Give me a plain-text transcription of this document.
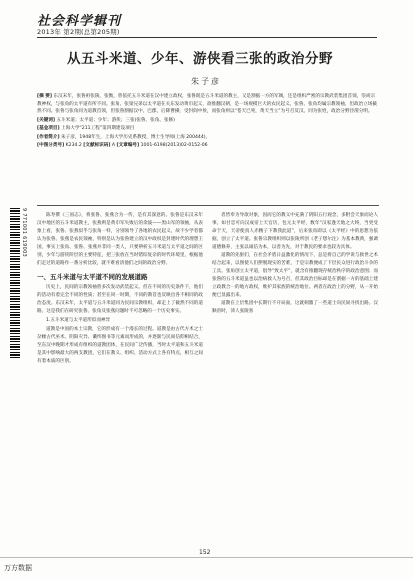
社会科学辑刊
2013年 第2期(总第205期)
从五斗米道、少年、游侠看三张的政治分野
朱子彦

[摘 要] 东汉末年，张鲁祖张陵、张衡，曾依托五斗米道在汉中建立政权，张鲁既是五斗米道的教主，又是割据一方的军阀，还是组织严密的宗教武装集团首领，崇尚宗教神权，与张角的太平道有所不同。张角、张梁兄弟以太平道在关东发动黄巾起义，欲推翻汉朝，是一场规模巨大的农民起义。张鲁、张角均属宗教领袖，但政治立场截然不同。张鲁与张角同为道教首领，但张鲁割据汉中、巴郡，后降曹操，受封阆中侯，而张角则以“苍天已死，黄天当立”为号召反汉。同为张姓，政治分野泾渭分明。

[关键词] 五斗米道；太平道；少年；游侠；三张(张鲁、张角、张修)

[基金项目] 上海大学“211工程”第四期建设项目

[作者简介] 朱子彦，1948年生，上海大学历史系教授，博士生导师(上海 200444)。

[中图分类号] K234.2 [文献标识码] A [文章编号] 1001-6198(2013)02-0152-06

9 771001 619003	陈寿撰《三国志》，将张鲁、张燕合为一传，是有其深意的。张鲁是东汉末年汉中地区的五斗米道教主，张燕则是黄巾军失败后的余波——黑山军的领袖，从表象上看，张鲁、张燕似乎与张角一样，分别领导了各地的农民起义，故不少学者都认为张鲁、张燕是农民领袖，特别是认为张鲁建立的汉中政权是封建时代的理想王国，事实上张角、张鲁、张燕并非同一类人，只要辨析五斗米道与太平道之间的区别，少年与游侠阶层的主要特征，把三张放在当时错综复杂的时代环境里，根据他们走过的道路作一番分析比较，就不难看清他们之间的政治分野。

一、五斗米道与太平道不同的发展道路

历史上，民间的宗教领袖曾多次发动武装起义。但在不同的历史条件下，他们的活动有着完全不同的性质；甚至在同一时期，不同的教首也反映出各不相同的政治态度。东汉末年，太平道与五斗米道同为民间宗教组织，却走上了截然不同的道路。这是我们在研究张鲁、张角及张燕问题时不可忽略的一个历史事实。

1.五斗米道与太平道形似而神异

道教是中国的本土宗教，它的形成有一个漫长的过程。道教是由古代方术之士杂糅古代巫术、阴阳灾异、谶纬图书等元素而形成的，并逐渐与民间信仰相结合，至东汉中晚期才形成有组织的道教团体，在民间广泛传播，当时太平道和五斗米道是其中影响最大的两支教团，它们在教义、组织、活动方式上各有特点，相互之间有着本质的区别。

者皆奉为导欲对象，因而它的教义中充满了阴阳五行观念，多附会天象而论人事。如甘忠可向汉成帝上天官历，包元太平经，数年“汉家逢天地之大终，当更受命于天，天帝使真人赤精子下教我此道”，后来张角即以《太平经》中的思想为依据，创立了太平道。张鲁宗教组织则以张陵所创《老子想尔注》为基本教典，强调道德修养，主张以诚信为本，以善为先，对于教民的要求也较为具体。

道教的先驱们，在社会矛盾日益激化的情况下，总是将自己的学说与救世之术结合起来，以图使人们摆脱现实的苦难，于是宗教便成了下层民众进行政治斗争的工具。张角创立太平道，倡导“致太平”，就含有推翻现存统治秩序的政治意图；而张鲁的五斗米道虽也以治病救人为号召，但其政治目标却是在割据一方的基础上建立政教合一的地方政权，维护其家族的统治地位。两者在政治上的分野，从一开始便已显露出来。

道教在上层集团中长期行不开局面，这就刺激了一些道士向民间寻找出路。汉顺帝时，沛人张陵客

152
万方数据
